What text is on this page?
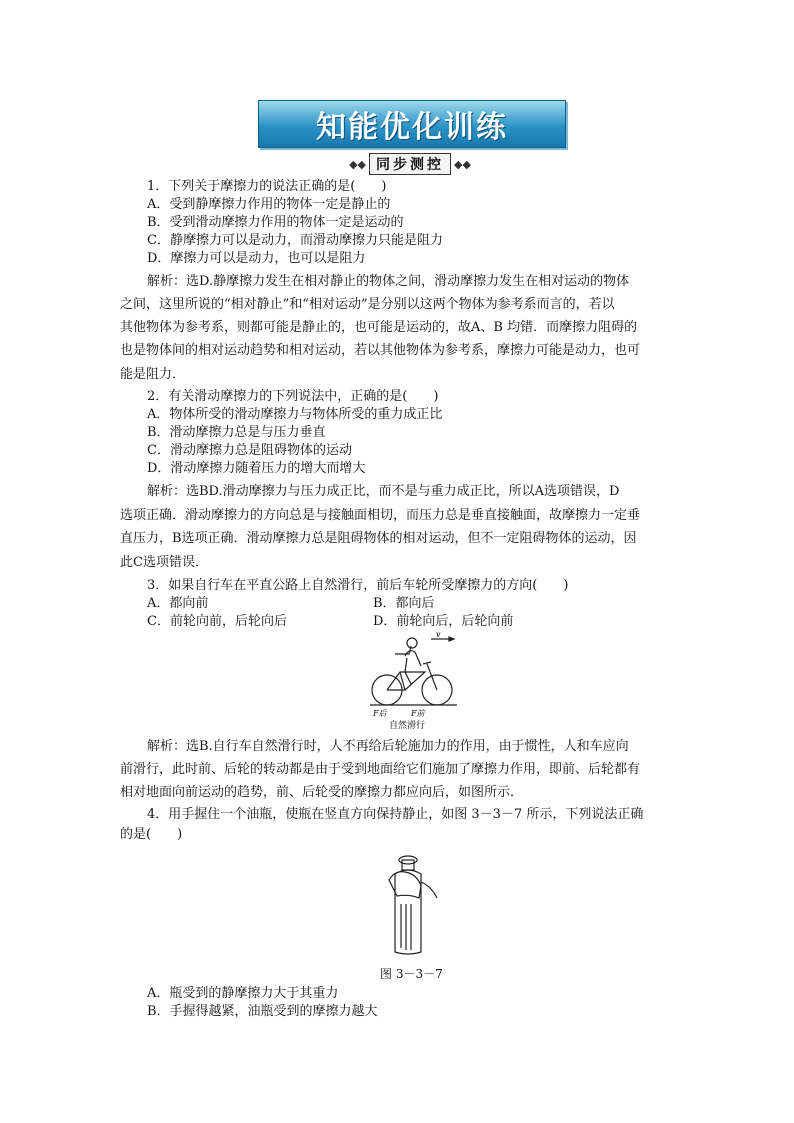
知能优化训练
◆◆ 同步测控 ◆◆
1．下列关于摩擦力的说法正确的是(　　)
A．受到静摩擦力作用的物体一定是静止的
B．受到滑动摩擦力作用的物体一定是运动的
C．静摩擦力可以是动力，而滑动摩擦力只能是阻力
D．摩擦力可以是动力，也可以是阻力
解析：选D.静摩擦力发生在相对静止的物体之间，滑动摩擦力发生在相对运动的物体
之间，这里所说的“相对静止”和“相对运动”是分别以这两个物体为参考系而言的，若以
其他物体为参考系，则都可能是静止的，也可能是运动的，故A、B 均错．而摩擦力阻碍的
也是物体间的相对运动趋势和相对运动，若以其他物体为参考系，摩擦力可能是动力，也可
能是阻力．
2．有关滑动摩擦力的下列说法中，正确的是(　　)
A．物体所受的滑动摩擦力与物体所受的重力成正比
B．滑动摩擦力总是与压力垂直
C．滑动摩擦力总是阻碍物体的运动
D．滑动摩擦力随着压力的增大而增大
解析：选BD.滑动摩擦力与压力成正比，而不是与重力成正比，所以A选项错误，D
选项正确．滑动摩擦力的方向总是与接触面相切，而压力总是垂直接触面，故摩擦力一定垂
直压力，B选项正确．滑动摩擦力总是阻碍物体的相对运动，但不一定阻碍物体的运动，因
此C选项错误．
3．如果自行车在平直公路上自然滑行，前后车轮所受摩擦力的方向(　　)
A．都向前	B．都向后
C．前轮向前，后轮向后	D．前轮向后，后轮向前
v
F后	F前
自然滑行
解析：选B.自行车自然滑行时，人不再给后轮施加力的作用，由于惯性，人和车应向
前滑行，此时前、后轮的转动都是由于受到地面给它们施加了摩擦力作用，即前、后轮都有
相对地面向前运动的趋势，前、后轮受的摩擦力都应向后，如图所示．
4．用手握住一个油瓶，使瓶在竖直方向保持静止，如图 3－3－7 所示，下列说法正确
的是(　　)
图 3－3－7
A．瓶受到的静摩擦力大于其重力
B．手握得越紧，油瓶受到的摩擦力越大
